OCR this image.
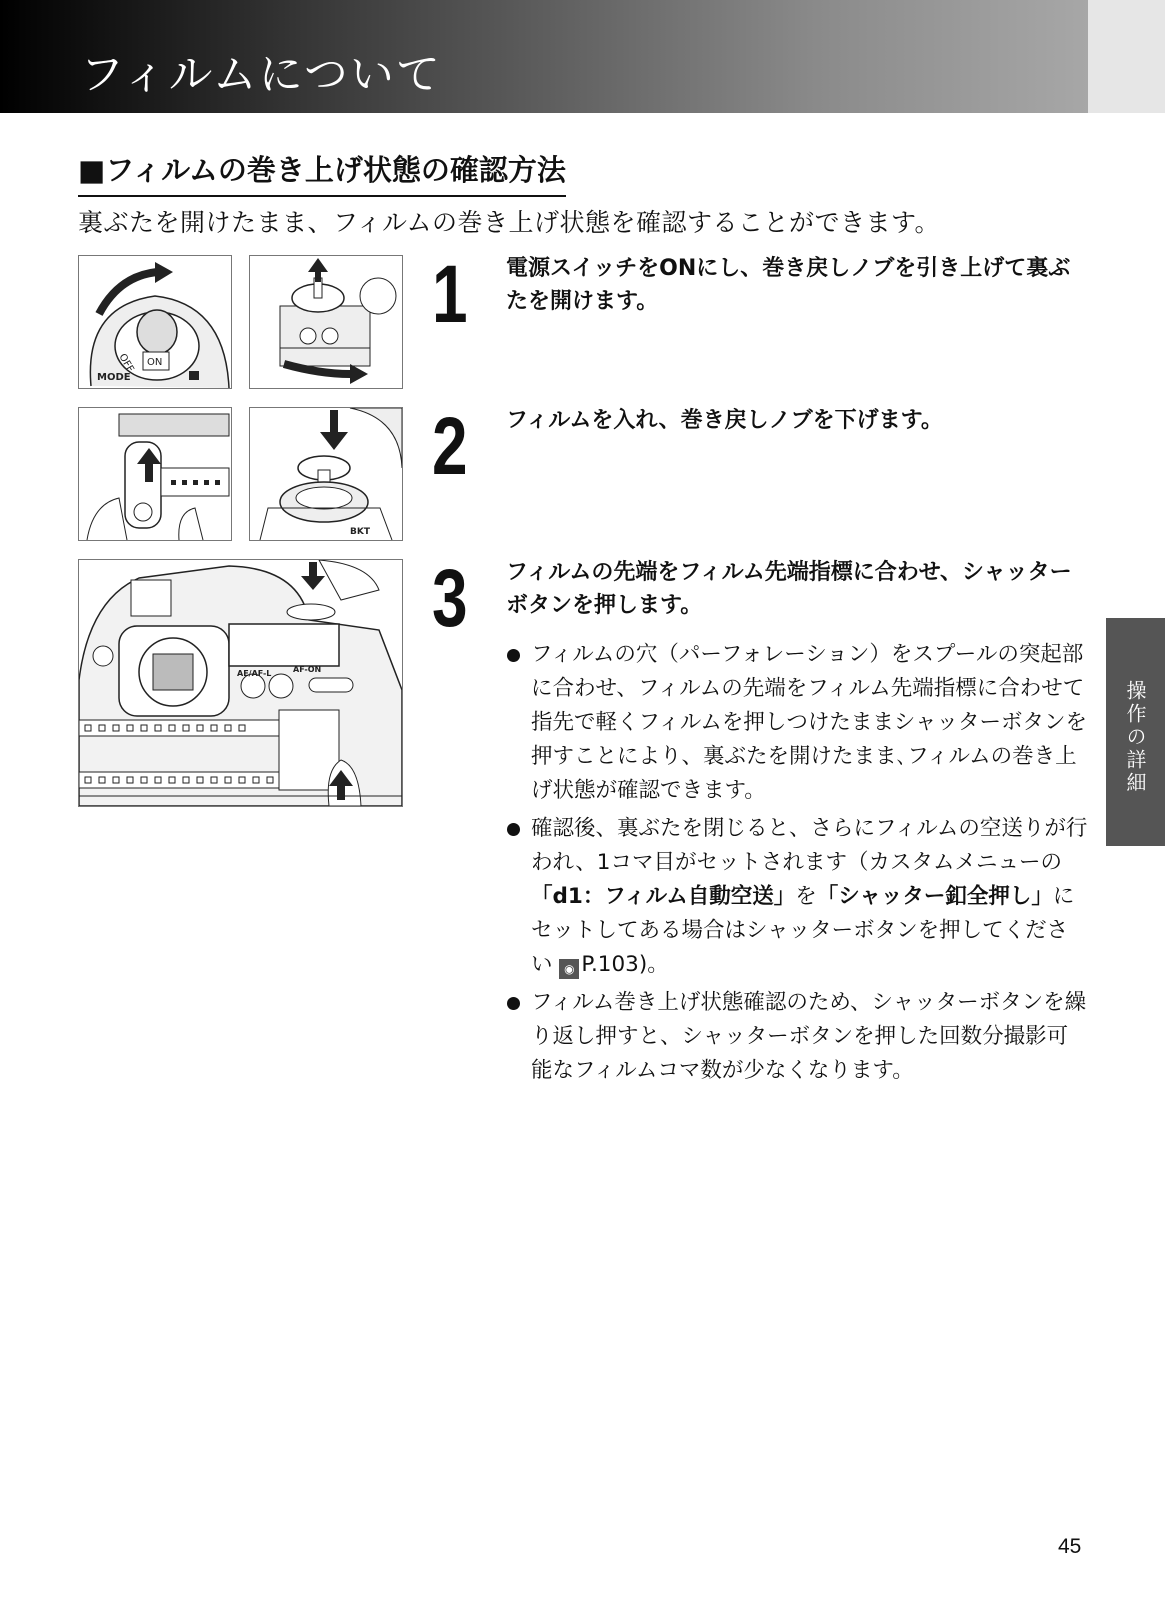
フィルムについて
■フィルムの巻き上げ状態の確認方法
裏ぶたを開けたまま、フィルムの巻き上げ状態を確認することができます。
ON
OFF
MODE
BKT
AE/AF-L	AF-ON
1 電源スイッチをONにし、巻き戻しノブを引き上げて裏ぶたを開けます。
2 フィルムを入れ、巻き戻しノブを下げます。
3 フィルムの先端をフィルム先端指標に合わせ、シャッターボタンを押します。
フィルムの穴（パーフォレーション）をスプールの突起部に合わせ、フィルムの先端をフィルム先端指標に合わせて指先で軽くフィルムを押しつけたままシャッターボタンを押すことにより、裏ぶたを開けたまま､フィルムの巻き上げ状態が確認できます。
確認後、裏ぶたを閉じると、さらにフィルムの空送りが行われ、1コマ目がセットされます（カスタムメニューの「d1：フィルム自動空送」を「シャッター釦全押し」にセットしてある場合はシャッターボタンを押してください ◉ P.103)。
フィルム巻き上げ状態確認のため、シャッターボタンを繰り返し押すと、シャッターボタンを押した回数分撮影可能なフィルムコマ数が少なくなります。
操作の詳細
45
